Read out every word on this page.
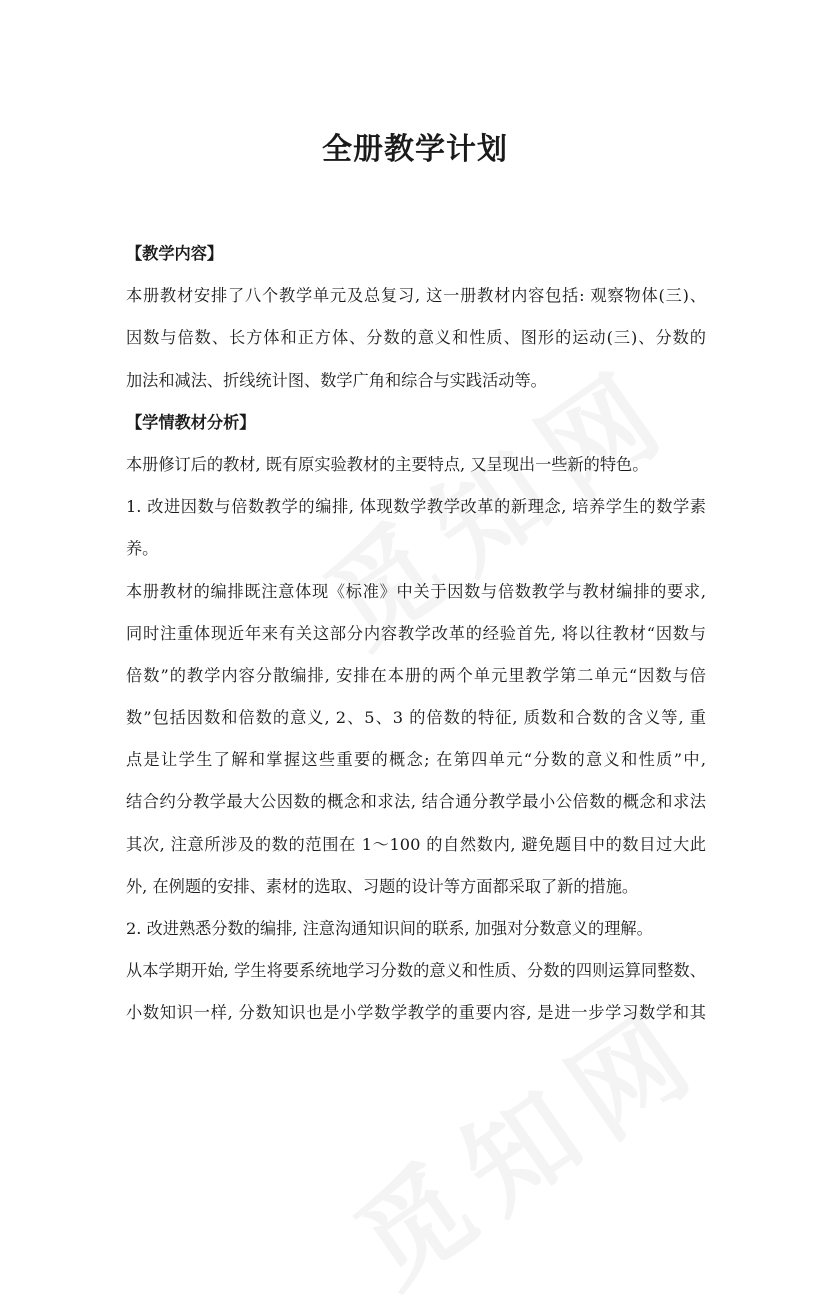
全册教学计划
【教学内容】
本册教材安排了八个教学单元及总复习, 这一册教材内容包括: 观察物体(三)、
因数与倍数、长方体和正方体、分数的意义和性质、图形的运动(三)、分数的
加法和减法、折线统计图、数学广角和综合与实践活动等。
【学情教材分析】
本册修订后的教材, 既有原实验教材的主要特点, 又呈现出一些新的特色。
1. 改进因数与倍数教学的编排, 体现数学教学改革的新理念, 培养学生的数学素
养。
本册教材的编排既注意体现《标准》中关于因数与倍数教学与教材编排的要求,
同时注重体现近年来有关这部分内容教学改革的经验首先, 将以往教材“因数与
倍数”的教学内容分散编排, 安排在本册的两个单元里教学第二单元“因数与倍
数”包括因数和倍数的意义, 2、5、3 的倍数的特征, 质数和合数的含义等, 重
点是让学生了解和掌握这些重要的概念; 在第四单元“分数的意义和性质”中,
结合约分教学最大公因数的概念和求法, 结合通分教学最小公倍数的概念和求法
其次, 注意所涉及的数的范围在 1～100 的自然数内, 避免题目中的数目过大此
外, 在例题的安排、素材的选取、习题的设计等方面都采取了新的措施。
2. 改进熟悉分数的编排, 注意沟通知识间的联系, 加强对分数意义的理解。
从本学期开始, 学生将要系统地学习分数的意义和性质、分数的四则运算同整数、
小数知识一样, 分数知识也是小学数学教学的重要内容, 是进一步学习数学和其
